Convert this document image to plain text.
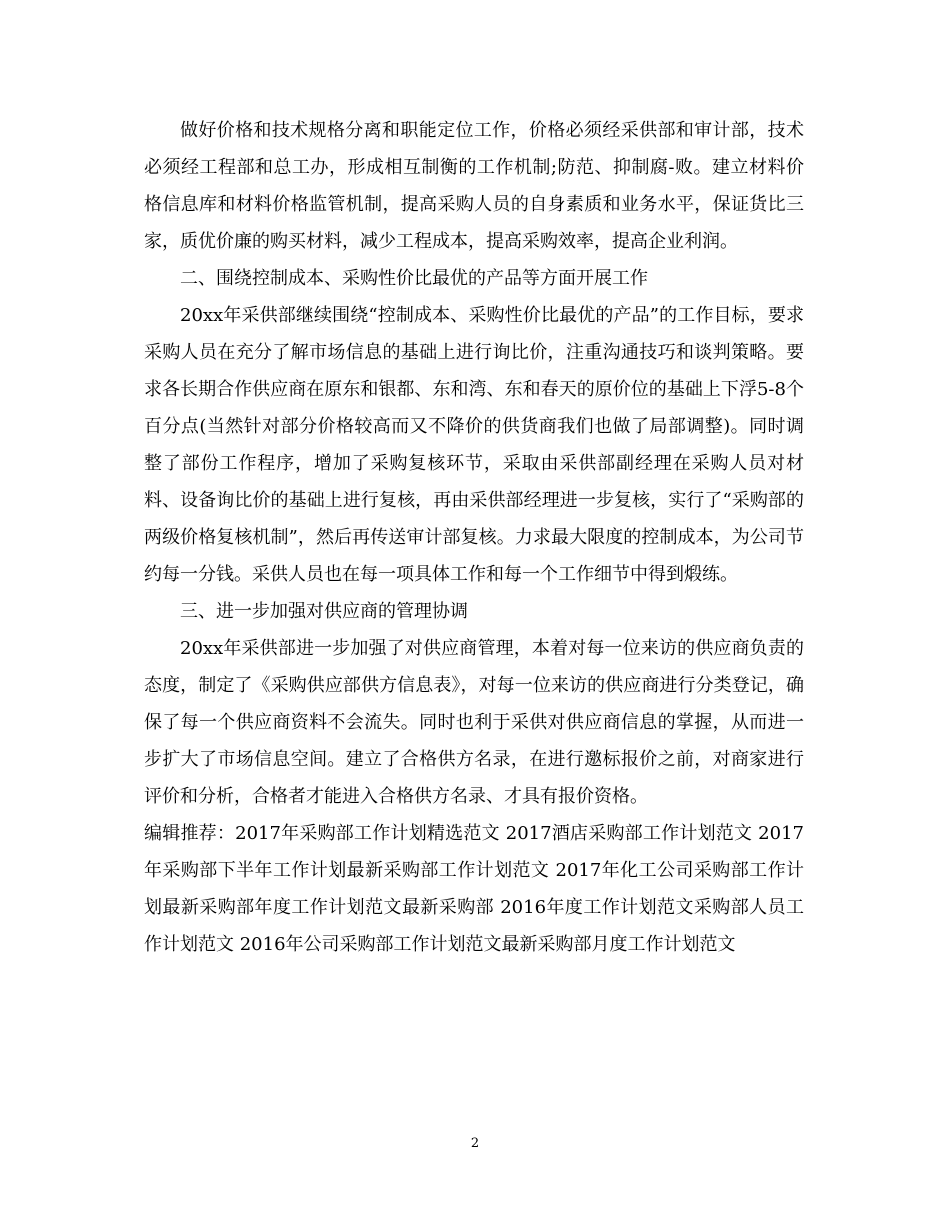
做好价格和技术规格分离和职能定位工作，价格必须经采供部和审计部，技术必须经工程部和总工办，形成相互制衡的工作机制;防范、抑制腐-败。建立材料价格信息库和材料价格监管机制，提高采购人员的自身素质和业务水平，保证货比三家，质优价廉的购买材料，减少工程成本，提高采购效率，提高企业利润。

二、围绕控制成本、采购性价比最优的产品等方面开展工作

20xx年采供部继续围绕“控制成本、采购性价比最优的产品”的工作目标，要求采购人员在充分了解市场信息的基础上进行询比价，注重沟通技巧和谈判策略。要求各长期合作供应商在原东和银都、东和湾、东和春天的原价位的基础上下浮5-8个百分点(当然针对部分价格较高而又不降价的供货商我们也做了局部调整)。同时调整了部份工作程序，增加了采购复核环节，采取由采供部副经理在采购人员对材料、设备询比价的基础上进行复核，再由采供部经理进一步复核，实行了“采购部的两级价格复核机制”，然后再传送审计部复核。力求最大限度的控制成本，为公司节约每一分钱。采供人员也在每一项具体工作和每一个工作细节中得到煅练。

三、进一步加强对供应商的管理协调

20xx年采供部进一步加强了对供应商管理，本着对每一位来访的供应商负责的态度，制定了《采购供应部供方信息表》，对每一位来访的供应商进行分类登记，确保了每一个供应商资料不会流失。同时也利于采供对供应商信息的掌握，从而进一步扩大了市场信息空间。建立了合格供方名录，在进行邀标报价之前，对商家进行评价和分析，合格者才能进入合格供方名录、才具有报价资格。

编辑推荐：2017年采购部工作计划精选范文 2017酒店采购部工作计划范文 2017年采购部下半年工作计划最新采购部工作计划范文 2017年化工公司采购部工作计划最新采购部年度工作计划范文最新采购部 2016年度工作计划范文采购部人员工作计划范文 2016年公司采购部工作计划范文最新采购部月度工作计划范文

2
